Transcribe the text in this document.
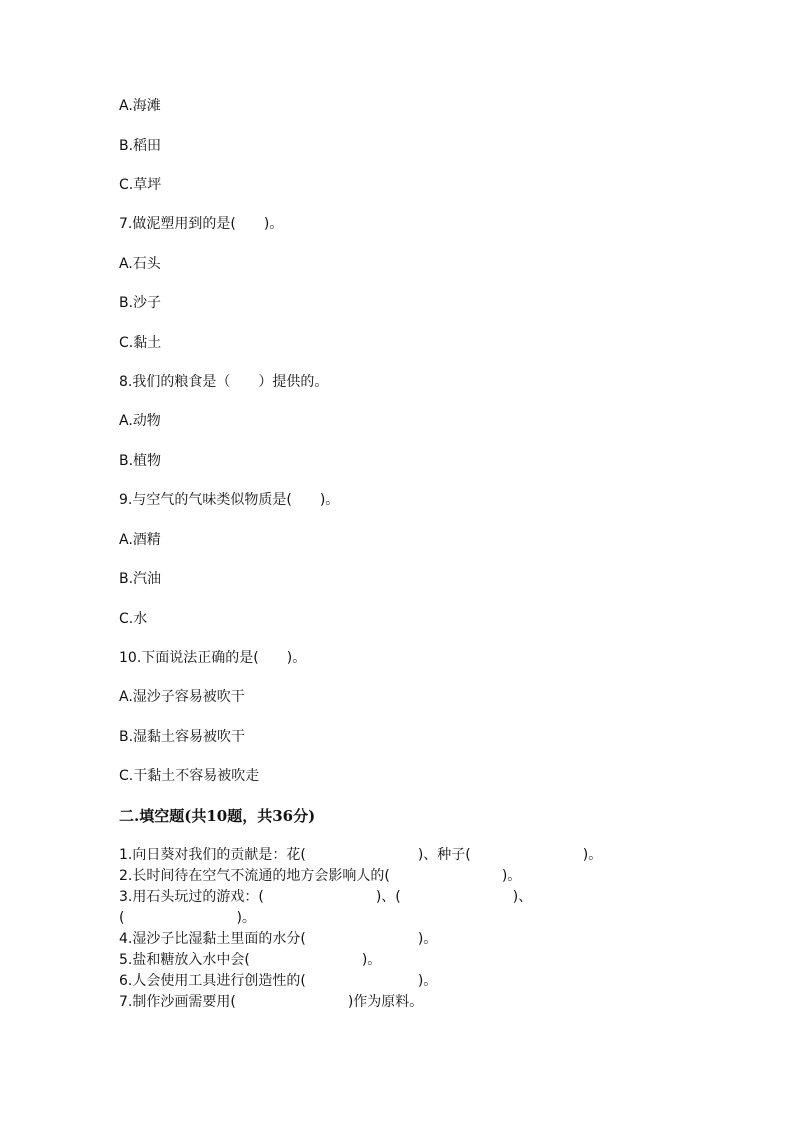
A.海滩
B.稻田
C.草坪
7.做泥塑用到的是(　　)。
A.石头
B.沙子
C.黏土
8.我们的粮食是（　　）提供的。
A.动物
B.植物
9.与空气的气味类似物质是(　　)。
A.酒精
B.汽油
C.水
10.下面说法正确的是(　　)。
A.湿沙子容易被吹干
B.湿黏土容易被吹干
C.干黏土不容易被吹走
二.填空题(共10题，共36分)
1.向日葵对我们的贡献是：花(　　　　　　　　)、种子(　　　　　　　　)。
2.长时间待在空气不流通的地方会影响人的(　　　　　　　　)。
3.用石头玩过的游戏：(　　　　　　　　)、(　　　　　　　　)、
(　　　　　　　　)。
4.湿沙子比湿黏土里面的水分(　　　　　　　　)。
5.盐和糖放入水中会(　　　　　　　　)。
6.人会使用工具进行创造性的(　　　　　　　　)。
7.制作沙画需要用(　　　　　　　　)作为原料。
